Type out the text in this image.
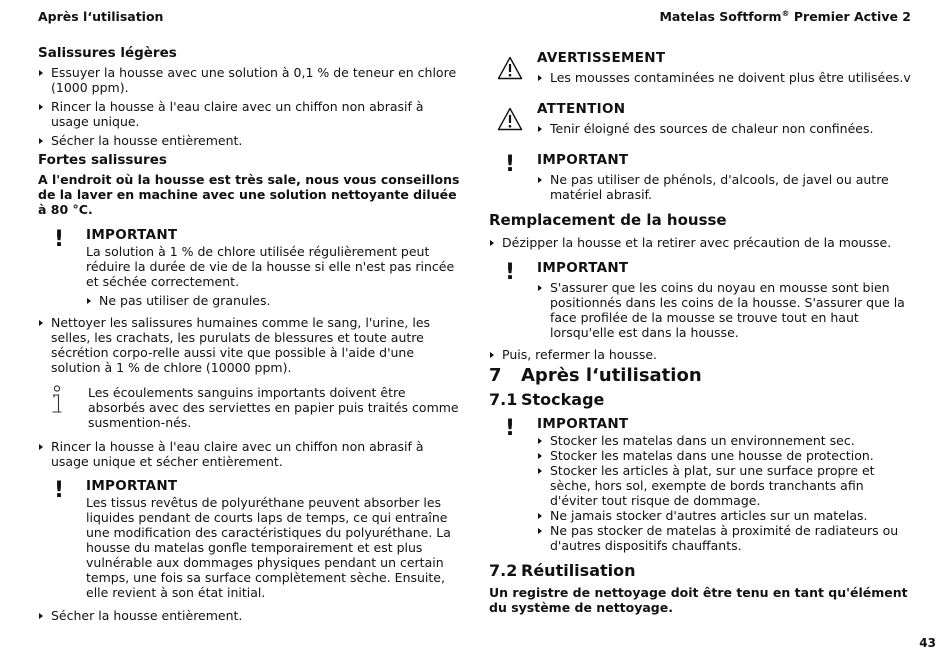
Après l‘utilisation	Matelas Softform® Premier Active 2
Salissures légères
Essuyer la housse avec une solution à 0,1 % de teneur en chlore (1000 ppm).
Rincer la housse à l'eau claire avec un chiffon non abrasif à usage unique.
Sécher la housse entièrement.
Fortes salissures

A l'endroit où la housse est très sale, nous vous conseillons de la laver en machine avec une solution nettoyante diluée à 80 °C.

! IMPORTANT

La solution à 1 % de chlore utilisée régulièrement peut réduire la durée de vie de la housse si elle n'est pas rincée et séchée correctement.

Ne pas utiliser de granules.
Nettoyer les salissures humaines comme le sang, l'urine, les selles, les crachats, les purulats de blessures et toute autre sécrétion corpo-relle aussi vite que possible à l'aide d'une solution à 1 % de chlore (10000 ppm).

Les écoulements sanguins importants doivent être absorbés avec des serviettes en papier puis traités comme susmention-nés.

Rincer la housse à l'eau claire avec un chiffon non abrasif à usage unique et sécher entièrement.
! IMPORTANT

Les tissus revêtus de polyuréthane peuvent absorber les liquides pendant de courts laps de temps, ce qui entraîne une modification des caractéristiques du polyuréthane. La housse du matelas gonfle temporairement et est plus vulnérable aux dommages physiques pendant un certain temps, une fois sa surface complètement sèche. Ensuite, elle revient à son état initial.

Sécher la housse entièrement.
AVERTISSEMENT
Les mousses contaminées ne doivent plus être utilisées.v
ATTENTION
Tenir éloigné des sources de chaleur non confinées.
! IMPORTANT
Ne pas utiliser de phénols, d'alcools, de javel ou autre matériel abrasif.
Remplacement de la housse
Dézipper la housse et la retirer avec précaution de la mousse.
! IMPORTANT
S'assurer que les coins du noyau en mousse sont bien positionnés dans les coins de la housse. S'assurer que la face profilée de la mousse se trouve tout en haut lorsqu'elle est dans la housse.
Puis, refermer la housse.
7 Après l‘utilisation
7.1 Stockage
! IMPORTANT
Stocker les matelas dans un environnement sec.
Stocker les matelas dans une housse de protection.
Stocker les articles à plat, sur une surface propre et sèche, hors sol, exempte de bords tranchants afin d'éviter tout risque de dommage.
Ne jamais stocker d'autres articles sur un matelas.
Ne pas stocker de matelas à proximité de radiateurs ou d'autres dispositifs chauffants.
7.2 Réutilisation

Un registre de nettoyage doit être tenu en tant qu'élément du système de nettoyage.

43
